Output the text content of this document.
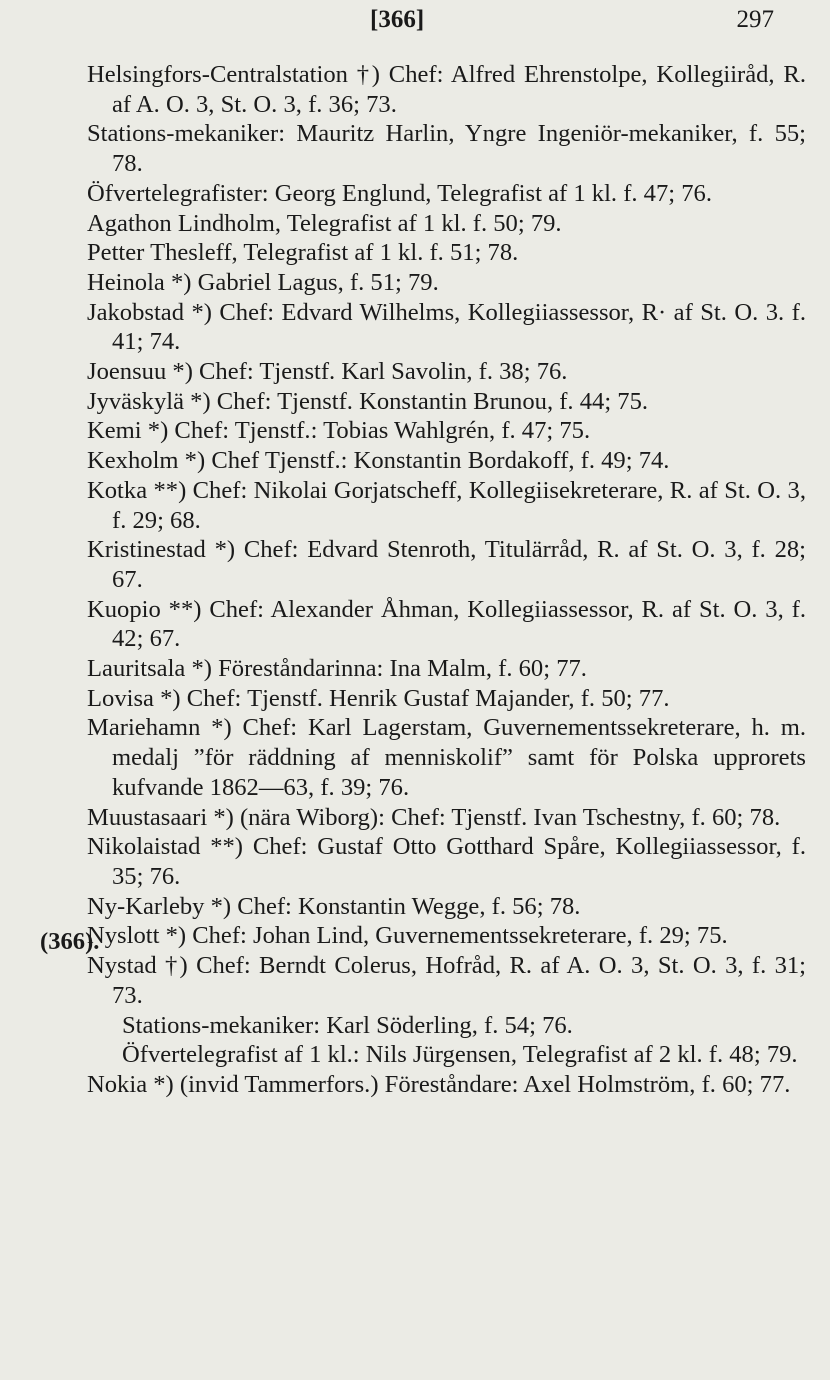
[366]	297
(366).
Helsingfors-Centralstation †) Chef: Alfred Ehrenstolpe, Kollegiiråd, R. af A. O. 3, St. O. 3, f. 36; 73.
Stations-mekaniker: Mauritz Harlin, Yngre Ingeniör-mekaniker, f. 55; 78.
Öfvertelegrafister: Georg Englund, Telegrafist af 1 kl. f. 47; 76.
Agathon Lindholm, Telegrafist af 1 kl. f. 50; 79.
Petter Thesleff, Telegrafist af 1 kl. f. 51; 78.
Heinola *) Gabriel Lagus, f. 51; 79.
Jakobstad *) Chef: Edvard Wilhelms, Kollegiiassessor, R· af St. O. 3. f. 41; 74.
Joensuu *) Chef: Tjenstf. Karl Savolin, f. 38; 76.
Jyväskylä *) Chef: Tjenstf. Konstantin Brunou, f. 44; 75.
Kemi *) Chef: Tjenstf.: Tobias Wahlgrén, f. 47; 75.
Kexholm *) Chef Tjenstf.: Konstantin Bordakoff, f. 49; 74.
Kotka **) Chef: Nikolai Gorjatscheff, Kollegiisekreterare, R. af St. O. 3, f. 29; 68.
Kristinestad *) Chef: Edvard Stenroth, Titulärråd, R. af St. O. 3, f. 28; 67.
Kuopio **) Chef: Alexander Åhman, Kollegiiassessor, R. af St. O. 3, f. 42; 67.
Lauritsala *) Föreståndarinna: Ina Malm, f. 60; 77.
Lovisa *) Chef: Tjenstf. Henrik Gustaf Majander, f. 50; 77.
Mariehamn *) Chef: Karl Lagerstam, Guvernementssekreterare, h. m. medalj ”för räddning af menniskolif” samt för Polska upprorets kufvande 1862—63, f. 39; 76.
Muustasaari *) (nära Wiborg): Chef: Tjenstf. Ivan Tschestny, f. 60; 78.
Nikolaistad **) Chef: Gustaf Otto Gotthard Spåre, Kollegiiassessor, f. 35; 76.
Ny-Karleby *) Chef: Konstantin Wegge, f. 56; 78.
Nyslott *) Chef: Johan Lind, Guvernementssekreterare, f. 29; 75.
Nystad †) Chef: Berndt Colerus, Hofråd, R. af A. O. 3, St. O. 3, f. 31; 73.
Stations-mekaniker: Karl Söderling, f. 54; 76.
Öfvertelegrafist af 1 kl.: Nils Jürgensen, Telegrafist af 2 kl. f. 48; 79.
Nokia *) (invid Tammerfors.) Föreståndare: Axel Holmström, f. 60; 77.
